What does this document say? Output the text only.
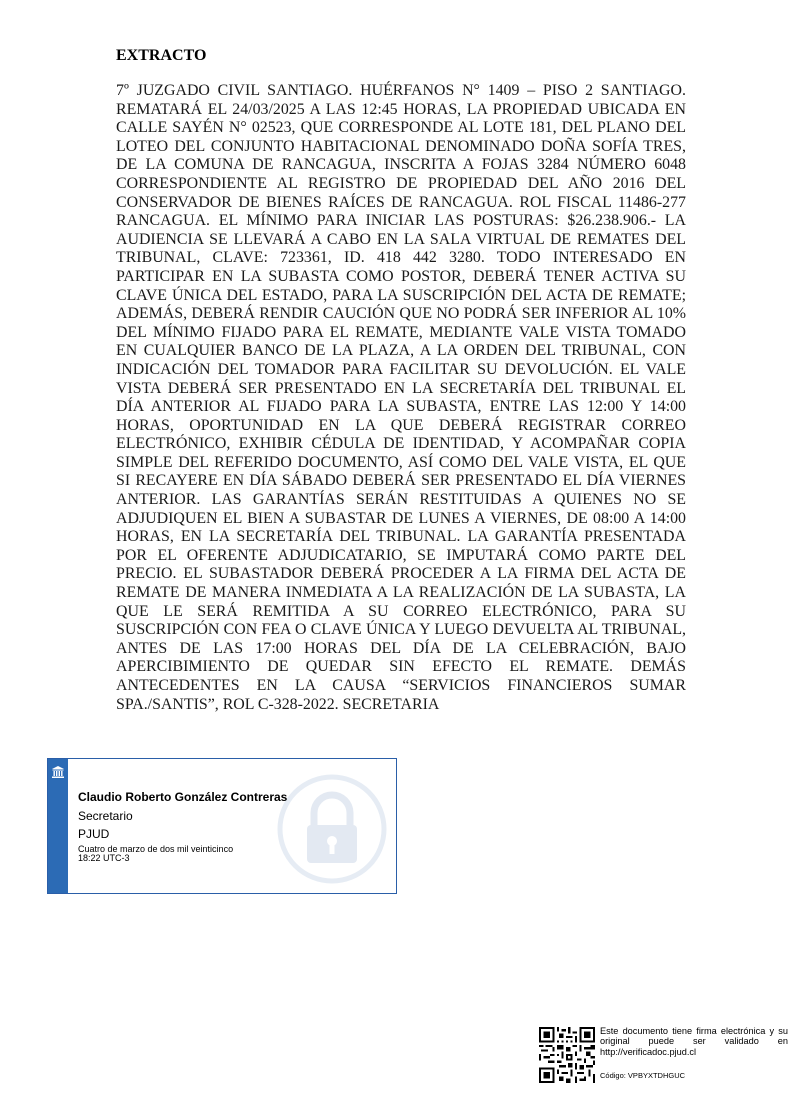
EXTRACTO

7º JUZGADO CIVIL SANTIAGO. HUÉRFANOS N° 1409 – PISO 2 SANTIAGO. REMATARÁ EL 24/03/2025 A LAS 12:45 HORAS, LA PROPIEDAD UBICADA EN CALLE SAYÉN N° 02523, QUE CORRESPONDE AL LOTE 181, DEL PLANO DEL LOTEO DEL CONJUNTO HABITACIONAL DENOMINADO DOÑA SOFÍA TRES, DE LA COMUNA DE RANCAGUA, INSCRITA A FOJAS 3284 NÚMERO 6048 CORRESPONDIENTE AL REGISTRO DE PROPIEDAD DEL AÑO 2016 DEL CONSERVADOR DE BIENES RAÍCES DE RANCAGUA. ROL FISCAL 11486-277 RANCAGUA. EL MÍNIMO PARA INICIAR LAS POSTURAS: $26.238.906.- LA AUDIENCIA SE LLEVARÁ A CABO EN LA SALA VIRTUAL DE REMATES DEL TRIBUNAL, CLAVE: 723361, ID. 418 442 3280. TODO INTERESADO EN PARTICIPAR EN LA SUBASTA COMO POSTOR, DEBERÁ TENER ACTIVA SU CLAVE ÚNICA DEL ESTADO, PARA LA SUSCRIPCIÓN DEL ACTA DE REMATE; ADEMÁS, DEBERÁ RENDIR CAUCIÓN QUE NO PODRÁ SER INFERIOR AL 10% DEL MÍNIMO FIJADO PARA EL REMATE, MEDIANTE VALE VISTA TOMADO EN CUALQUIER BANCO DE LA PLAZA, A LA ORDEN DEL TRIBUNAL, CON INDICACIÓN DEL TOMADOR PARA FACILITAR SU DEVOLUCIÓN. EL VALE VISTA DEBERÁ SER PRESENTADO EN LA SECRETARÍA DEL TRIBUNAL EL DÍA ANTERIOR AL FIJADO PARA LA SUBASTA, ENTRE LAS 12:00 Y 14:00 HORAS, OPORTUNIDAD EN LA QUE DEBERÁ REGISTRAR CORREO ELECTRÓNICO, EXHIBIR CÉDULA DE IDENTIDAD, Y ACOMPAÑAR COPIA SIMPLE DEL REFERIDO DOCUMENTO, ASÍ COMO DEL VALE VISTA, EL QUE SI RECAYERE EN DÍA SÁBADO DEBERÁ SER PRESENTADO EL DÍA VIERNES ANTERIOR. LAS GARANTÍAS SERÁN RESTITUIDAS A QUIENES NO SE ADJUDIQUEN EL BIEN A SUBASTAR DE LUNES A VIERNES, DE 08:00 A 14:00 HORAS, EN LA SECRETARÍA DEL TRIBUNAL. LA GARANTÍA PRESENTADA POR EL OFERENTE ADJUDICATARIO, SE IMPUTARÁ COMO PARTE DEL PRECIO. EL SUBASTADOR DEBERÁ PROCEDER A LA FIRMA DEL ACTA DE REMATE DE MANERA INMEDIATA A LA REALIZACIÓN DE LA SUBASTA, LA QUE LE SERÁ REMITIDA A SU CORREO ELECTRÓNICO, PARA SU SUSCRIPCIÓN CON FEA O CLAVE ÚNICA Y LUEGO DEVUELTA AL TRIBUNAL, ANTES DE LAS 17:00 HORAS DEL DÍA DE LA CELEBRACIÓN, BAJO APERCIBIMIENTO DE QUEDAR SIN EFECTO EL REMATE. DEMÁS ANTECEDENTES EN LA CAUSA “SERVICIOS FINANCIEROS SUMAR SPA./SANTIS”, ROL C-328-2022. SECRETARIA

Claudio Roberto González Contreras
Secretario
PJUD
Cuatro de marzo de dos mil veinticinco
18:22 UTC-3

Este documento tiene firma electrónica y su original puede ser validado en http://verificadoc.pjud.cl

Código: VPBYXTDHGUC
